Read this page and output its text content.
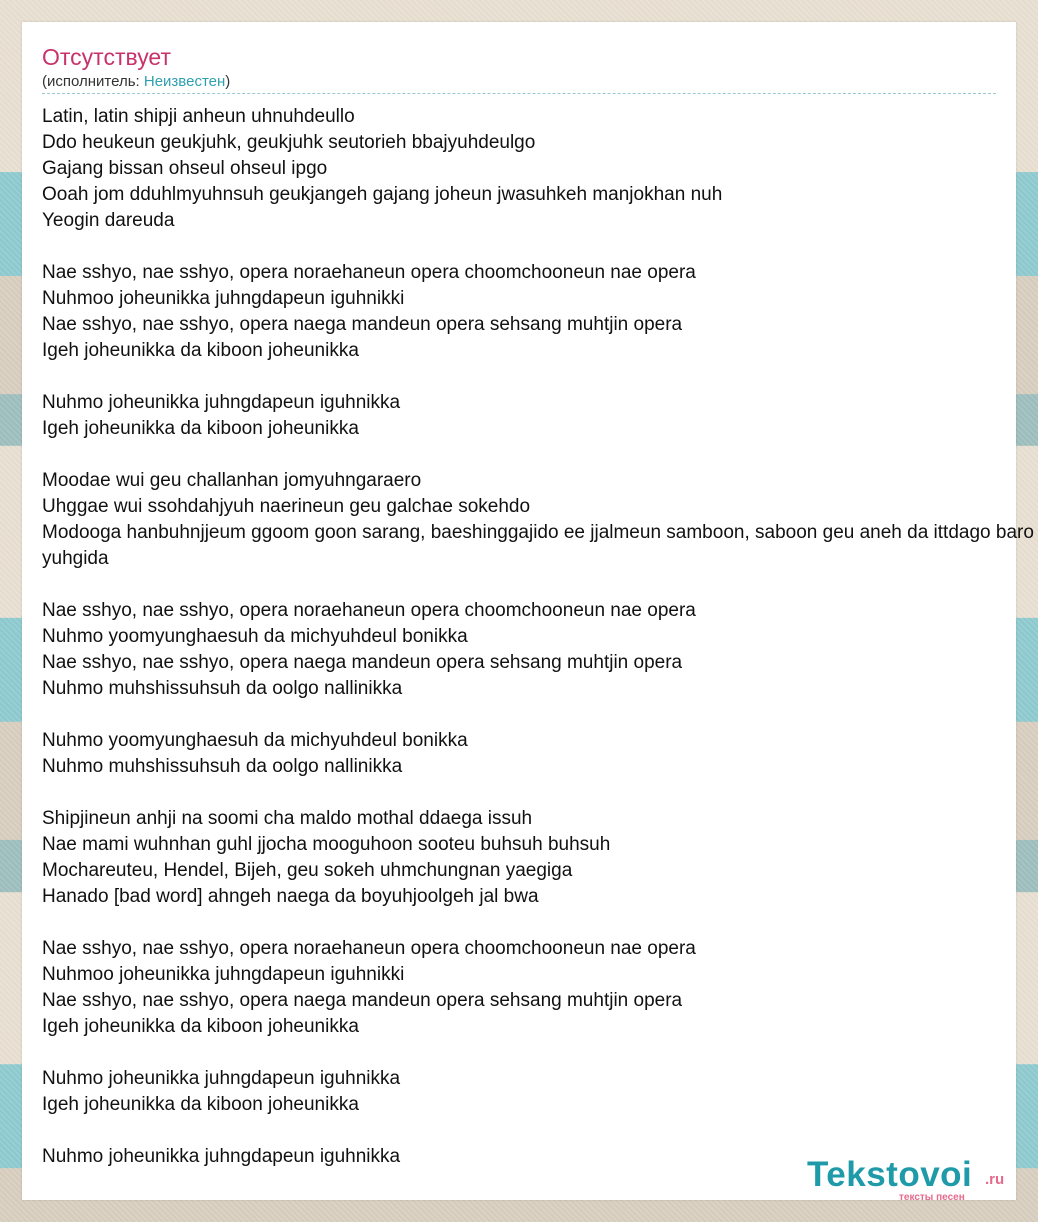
Отсутствует
(исполнитель: Неизвестен)
Latin, latin shipji anheun uhnuhdeullo
Ddo heukeun geukjuhk, geukjuhk seutorieh bbajyuhdeulgo
Gajang bissan ohseul ohseul ipgo
Ooah jom dduhlmyuhnsuh geukjangeh gajang joheun jwasuhkeh manjokhan nuh
Yeogin dareuda
Nae sshyo, nae sshyo, opera noraehaneun opera choomchooneun nae opera
Nuhmoo joheunikka juhngdapeun iguhnikki
Nae sshyo, nae sshyo, opera naega mandeun opera sehsang muhtjin opera
Igeh joheunikka da kiboon joheunikka
Nuhmo joheunikka juhngdapeun iguhnikka
Igeh joheunikka da kiboon joheunikka
Moodae wui geu challanhan jomyuhngaraero
Uhggae wui ssohdahjyuh naerineun geu galchae sokehdo
Modooga hanbuhnjjeum ggoom goon sarang, baeshinggajido ee jjalmeun samboon, saboon geu aneh da ittdago baro yuhgida
Nae sshyo, nae sshyo, opera noraehaneun opera choomchooneun nae opera
Nuhmo yoomyunghaesuh da michyuhdeul bonikka
Nae sshyo, nae sshyo, opera naega mandeun opera sehsang muhtjin opera
Nuhmo muhshissuhsuh da oolgo nallinikka
Nuhmo yoomyunghaesuh da michyuhdeul bonikka
Nuhmo muhshissuhsuh da oolgo nallinikka
Shipjineun anhji na soomi cha maldo mothal ddaega issuh
Nae mami wuhnhan guhl jjocha mooguhoon sooteu buhsuh buhsuh
Mochareuteu, Hendel, Bijeh, geu sokeh uhmchungnan yaegiga
Hanado [bad word] ahngeh naega da boyuhjoolgeh jal bwa
Nae sshyo, nae sshyo, opera noraehaneun opera choomchooneun nae opera
Nuhmoo joheunikka juhngdapeun iguhnikki
Nae sshyo, nae sshyo, opera naega mandeun opera sehsang muhtjin opera
Igeh joheunikka da kiboon joheunikka
Nuhmo joheunikka juhngdapeun iguhnikka
Igeh joheunikka da kiboon joheunikka
Nuhmo joheunikka juhngdapeun iguhnikka	Tekstovoi .ru
тексты песен
